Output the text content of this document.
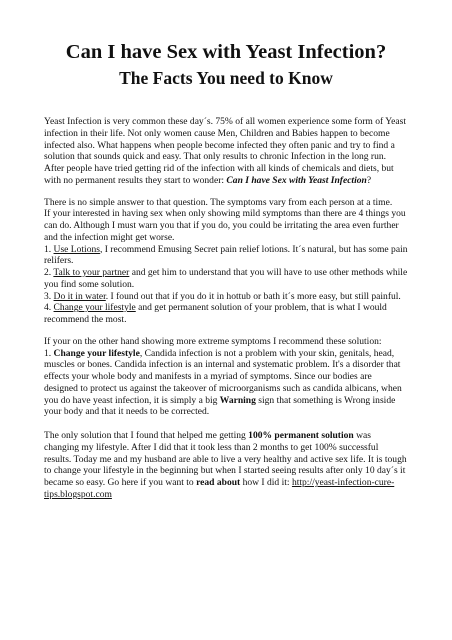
Can I have Sex with Yeast Infection?
The Facts You need to Know

Yeast Infection is very common these day´s. 75% of all women experience some form of Yeast infection in their life. Not only women cause Men, Children and Babies happen to become infected also. What happens when people become infected they often panic and try to find a solution that sounds quick and easy. That only results to chronic Infection in the long run. After people have tried getting rid of the infection with all kinds of chemicals and diets, but with no permanent results they start to wonder: Can I have Sex with Yeast Infection?

There is no simple answer to that question. The symptoms vary from each person at a time.

If your interested in having sex when only showing mild symptoms than there are 4 things you can do. Although I must warn you that if you do, you could be irritating the area even further and the infection might get worse.

1. Use Lotions, I recommend Emusing Secret pain relief lotions. It´s natural, but has some pain relifers.

2. Talk to your partner and get him to understand that you will have to use other methods while you find some solution.

3. Do it in water. I found out that if you do it in hottub or bath it´s more easy, but still painful.

4. Change your lifestyle and get permanent solution of your problem, that is what I would recommend the most.

If your on the other hand showing more extreme symptoms I recommend these solution:

1. Change your lifestyle, Candida infection is not a problem with your skin, genitals, head, muscles or bones. Candida infection is an internal and systematic problem. It's a disorder that effects your whole body and manifests in a myriad of symptoms. Since our bodies are designed to protect us against the takeover of microorganisms such as candida albicans, when you do have yeast infection, it is simply a big Warning sign that something is Wrong inside your body and that it needs to be corrected.

The only solution that I found that helped me getting 100% permanent solution was changing my lifestyle. After I did that it took less than 2 months to get 100% successful results. Today me and my husband are able to live a very healthy and active sex life. It is tough to change your lifestyle in the beginning but when I started seeing results after only 10 day´s it became so easy. Go here if you want to read about how I did it: http://yeast-infection-cure-tips.blogspot.com
